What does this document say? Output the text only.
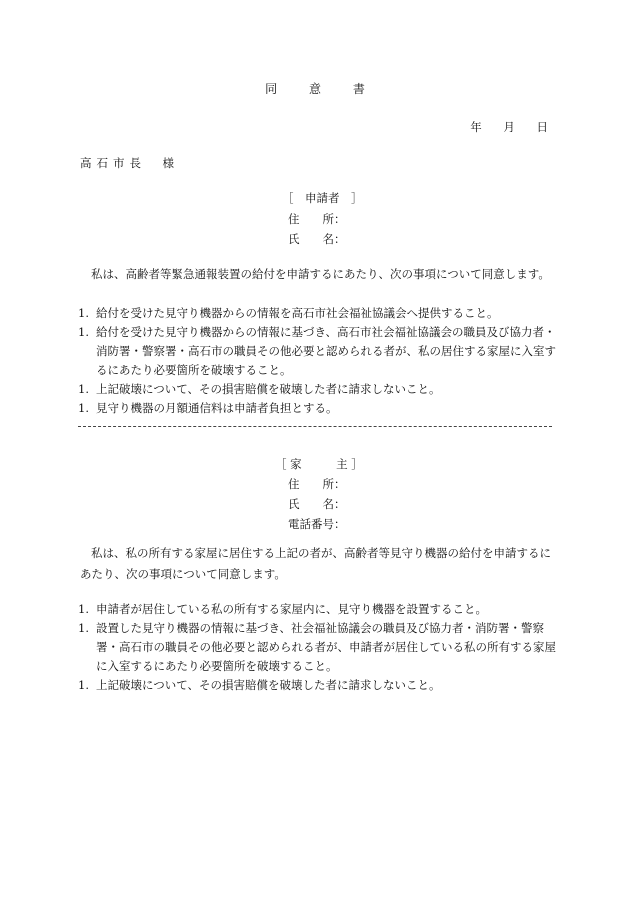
同	意	書
年 月 日
高石市長　様
［　申請者　］
住　　所：
氏　　名：
私は、高齢者等緊急通報装置の給付を申請するにあたり、次の事項について同意します。
1. 給付を受けた見守り機器からの情報を高石市社会福祉協議会へ提供すること。
1. 給付を受けた見守り機器からの情報に基づき、高石市社会福祉協議会の職員及び協力者・消防署・警察署・高石市の職員その他必要と認められる者が、私の居住する家屋に入室するにあたり必要箇所を破壊すること。
1. 上記破壊について、その損害賠償を破壊した者に請求しないこと。
1. 見守り機器の月額通信料は申請者負担とする。
［ 家　　　主 ］
住　　所：
氏　　名：
電話番号：
私は、私の所有する家屋に居住する上記の者が、高齢者等見守り機器の給付を申請するにあたり、次の事項について同意します。
1. 申請者が居住している私の所有する家屋内に、見守り機器を設置すること。
1. 設置した見守り機器の情報に基づき、社会福祉協議会の職員及び協力者・消防署・警察署・高石市の職員その他必要と認められる者が、申請者が居住している私の所有する家屋に入室するにあたり必要箇所を破壊すること。
1. 上記破壊について、その損害賠償を破壊した者に請求しないこと。
